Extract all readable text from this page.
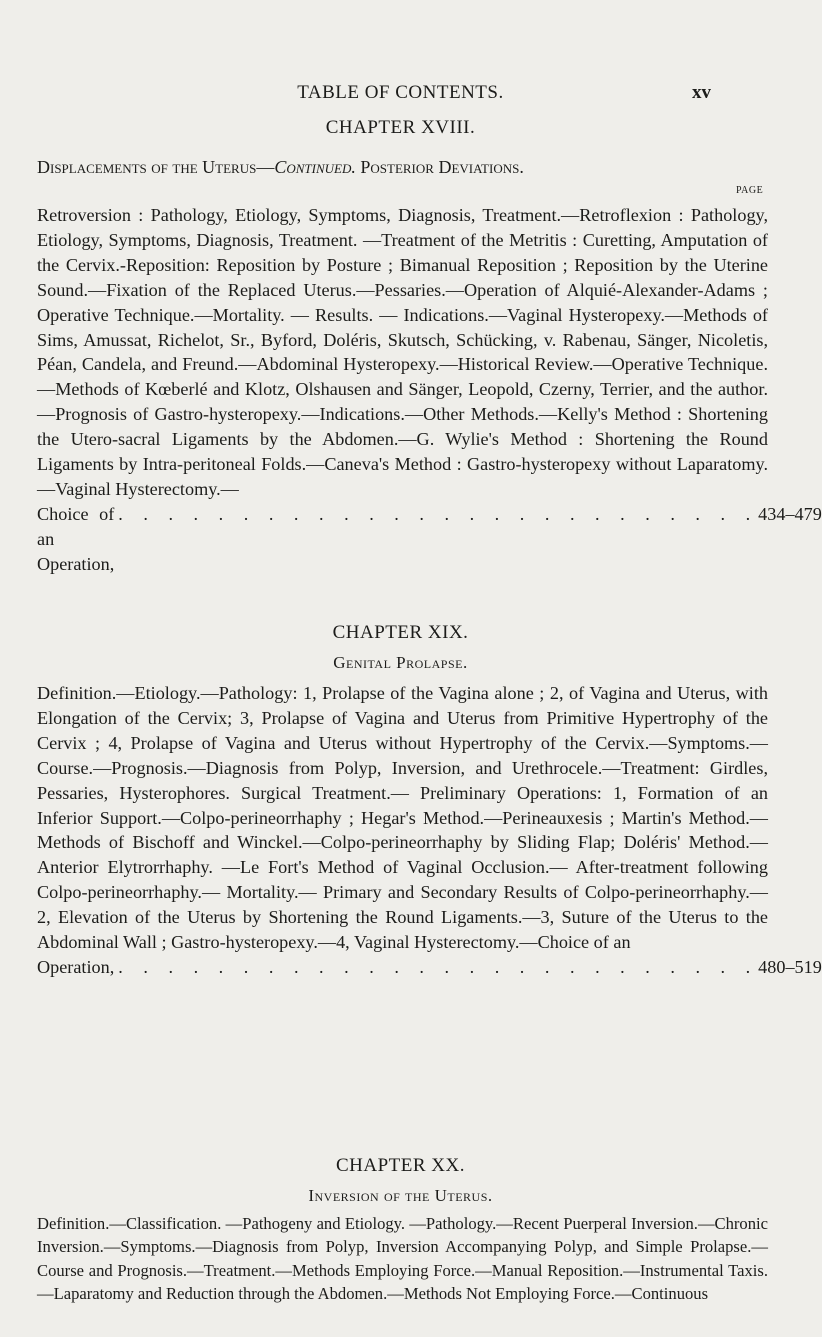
TABLE OF CONTENTS.	xv
CHAPTER XVIII.
Displacements of the Uterus—Continued. Posterior Deviations.
PAGE
Retroversion : Pathology, Etiology, Symptoms, Diagnosis, Treatment.—Retroflexion : Pathology, Etiology, Symptoms, Diagnosis, Treatment. —Treatment of the Metritis : Curetting, Amputation of the Cervix.-Reposition: Reposition by Posture ; Bimanual Reposition ; Reposition by the Uterine Sound.—Fixation of the Replaced Uterus.—Pessaries.—Operation of Alquié-Alexander-Adams ; Operative Technique.—Mortality. — Results. — Indications.—Vaginal Hysteropexy.—Methods of Sims, Amussat, Richelot, Sr., Byford, Doléris, Skutsch, Schücking, v. Rabenau, Sänger, Nicoletis, Péan, Candela, and Freund.—Abdominal Hysteropexy.—Historical Review.—Operative Technique.—Methods of Kœberlé and Klotz, Olshausen and Sänger, Leopold, Czerny, Terrier, and the author.—Prognosis of Gastro-hysteropexy.—Indications.—Other Methods.—Kelly's Method : Shortening the Utero-sacral Ligaments by the Abdomen.—G. Wylie's Method : Shortening the Round Ligaments by Intra-peritoneal Folds.—Caneva's Method : Gastro-hysteropexy without Laparatomy.—Vaginal Hysterectomy.—
Choice of an Operation,
. . . . . . . . . . . . . . . . . . . . . . . . . . 434–479
CHAPTER XIX.
Genital Prolapse.
Definition.—Etiology.—Pathology: 1, Prolapse of the Vagina alone ; 2, of Vagina and Uterus, with Elongation of the Cervix; 3, Prolapse of Vagina and Uterus from Primitive Hypertrophy of the Cervix ; 4, Prolapse of Vagina and Uterus without Hypertrophy of the Cervix.—Symptoms.—Course.—Prognosis.—Diagnosis from Polyp, Inversion, and Urethrocele.—Treatment: Girdles, Pessaries, Hysterophores. Surgical Treatment.— Preliminary Operations: 1, Formation of an Inferior Support.—Colpo-perineorrhaphy ; Hegar's Method.—Perineauxesis ; Martin's Method.—Methods of Bischoff and Winckel.—Colpo-perineorrhaphy by Sliding Flap; Doléris' Method.—Anterior Elytrorrhaphy. —Le Fort's Method of Vaginal Occlusion.— After-treatment following Colpo-perineorrhaphy.— Mortality.— Primary and Secondary Results of Colpo-perineorrhaphy.— 2, Elevation of the Uterus by Shortening the Round Ligaments.—3, Suture of the Uterus to the Abdominal Wall ; Gastro-hysteropexy.—4, Vaginal Hysterectomy.—Choice of an
Operation, . . . . . . . . . . . . . . . . . . . . . . . . . . 480–519
CHAPTER XX.
Inversion of the Uterus.
Definition.—Classification. —Pathogeny and Etiology. —Pathology.—Recent Puerperal Inversion.—Chronic Inversion.—Symptoms.—Diagnosis from Polyp, Inversion Accompanying Polyp, and Simple Prolapse.—Course and Prognosis.—Treatment.—Methods Employing Force.—Manual Reposition.—Instrumental Taxis.—Laparatomy and Reduction through the Abdomen.—Methods Not Employing Force.—Continuous
